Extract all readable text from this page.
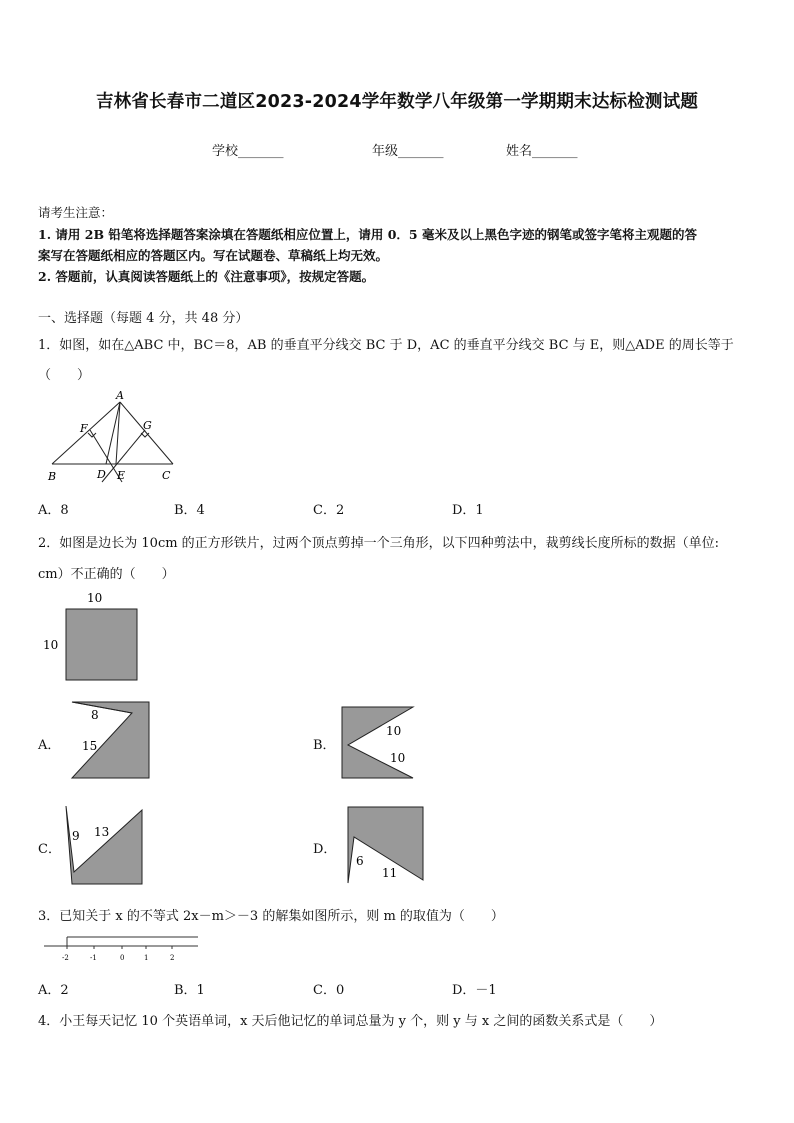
吉林省长春市二道区2023-2024学年数学八年级第一学期期末达标检测试题
学校_______	年级_______	姓名_______
请考生注意：
1. 请用 2B 铅笔将选择题答案涂填在答题纸相应位置上，请用 0．5 毫米及以上黑色字迹的钢笔或签字笔将主观题的答
案写在答题纸相应的答题区内。写在试题卷、草稿纸上均无效。
2. 答题前，认真阅读答题纸上的《注意事项》，按规定答题。
一、选择题（每题 4 分，共 48 分）
1．如图，如在△ABC 中，BC＝8，AB 的垂直平分线交 BC 于 D，AC 的垂直平分线交 BC 与 E，则△ADE 的周长等于
（　　）
A
F	G
B	D E	C
A．8	B．4	C．2	D．1
2．如图是边长为 10cm 的正方形铁片，过两个顶点剪掉一个三角形，以下四种剪法中，裁剪线长度所标的数据（单位:
cm）不正确的（　　）
10
10
A．
8
15	B．
10
10
C．
9 13
D．
6
11
3．已知关于 x 的不等式 2x－m＞－3 的解集如图所示，则 m 的取值为（　　）
-2	-1	0	1	2
A．2	B．1	C．0	D．－1
4．小王每天记忆 10 个英语单词，x 天后他记忆的单词总量为 y 个，则 y 与 x 之间的函数关系式是（　　）
